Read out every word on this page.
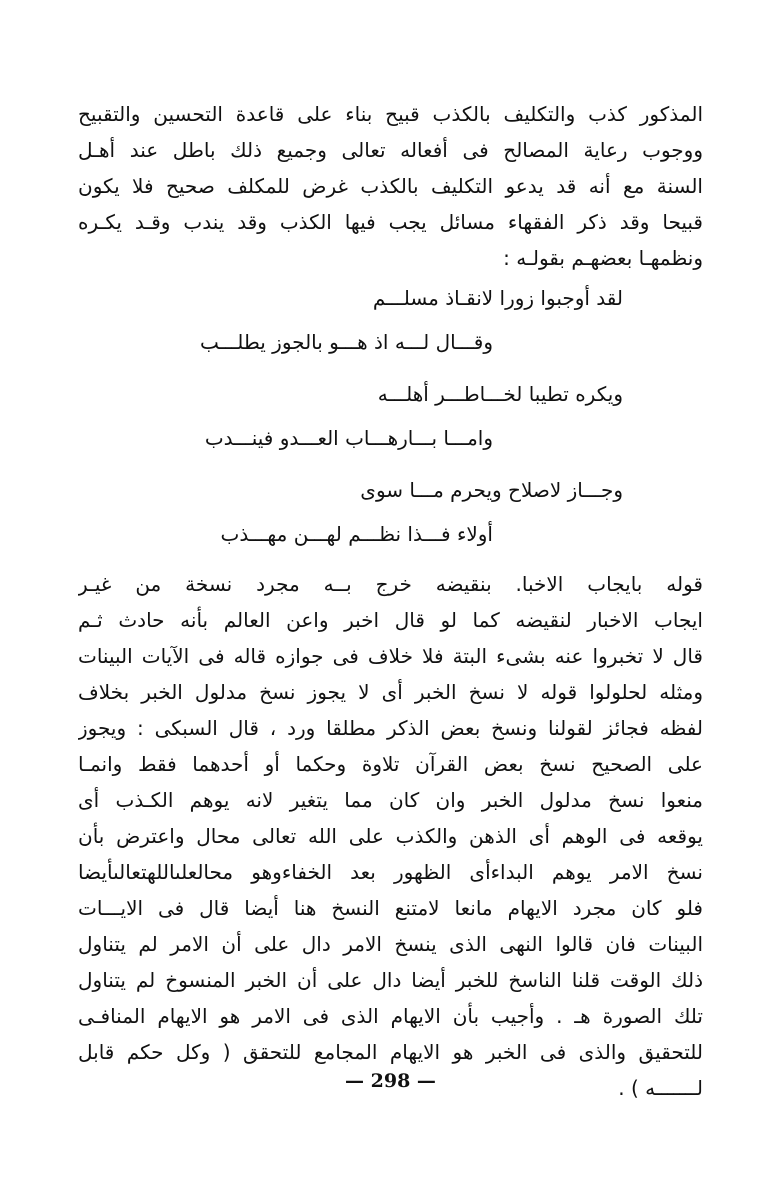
المذكور كذب والتكليف بالكذب قبيح بناء على قاعدة التحسين والتقبيح
ووجوب رعاية المصالح فى أفعاله تعالى وجميع ذلك باطل عند أهـل
السنة مع أنه قد يدعو التكليف بالكذب غرض للمكلف صحيح فلا يكون
قبيحا وقد ذكر الفقهاء مسائل يجب فيها الكذب وقد يندب وقـد يكـره
ونظمهـا بعضهـم بقولـه :
لقد أوجبوا زورا لانقـاذ مسلـــم
وقـــال لـــه اذ هـــو بالجوز يطلـــب
ويكره تطيبا لخـــاطـــر أهلـــه
وامـــا بـــارهـــاب العـــدو فينـــدب
وجـــاز لاصلاح ويحرم مـــا سوى
أولاء فـــذا نظـــم لهـــن مهـــذب
قوله بايجاب الاخبا. بنقيضه خرج بــه مجرد نسخة من غيـر
ايجاب الاخبار لنقيضه كما لو قال اخبر واعن العالم بأنه حادث ثـم
قال لا تخبروا عنه بشىء البتة فلا خلاف فى جوازه قاله فى الآيات البينات
ومثله لحلولوا قوله لا نسخ الخبر أى لا يجوز نسخ مدلول الخبر بخلاف
لفظه فجائز لقولنا ونسخ بعض الذكر مطلقا ورد ، قال السبكى : ويجوز
على الصحيح نسخ بعض القرآن تلاوة وحكما أو أحدهما فقط وانمـا
منعوا نسخ مدلول الخبر وان كان مما يتغير لانه يوهم الكـذب أى
يوقعه فى الوهم أى الذهن والكذب على الله تعالى محال واعترض بأن
نسخ الامر يوهم البداءأى الظهور بعد الخفاءوهو محالعلىاللهتعالىأيضا
فلو كان مجرد الايهام مانعا لامتنع النسخ هنا أيضا قال فى الايـــات
البينات فان قالوا النهى الذى ينسخ الامر دال على أن الامر لم يتناول
ذلك الوقت قلنا الناسخ للخبر أيضا دال على أن الخبر المنسوخ لم يتناول
تلك الصورة هـ . وأجيب بأن الايهام الذى فى الامر هو الايهام المنافـى
للتحقيق والذى فى الخبر هو الايهام المجامع للتحقق ( وكل حكم قابل
لـــــــه ) .
— 298 —
